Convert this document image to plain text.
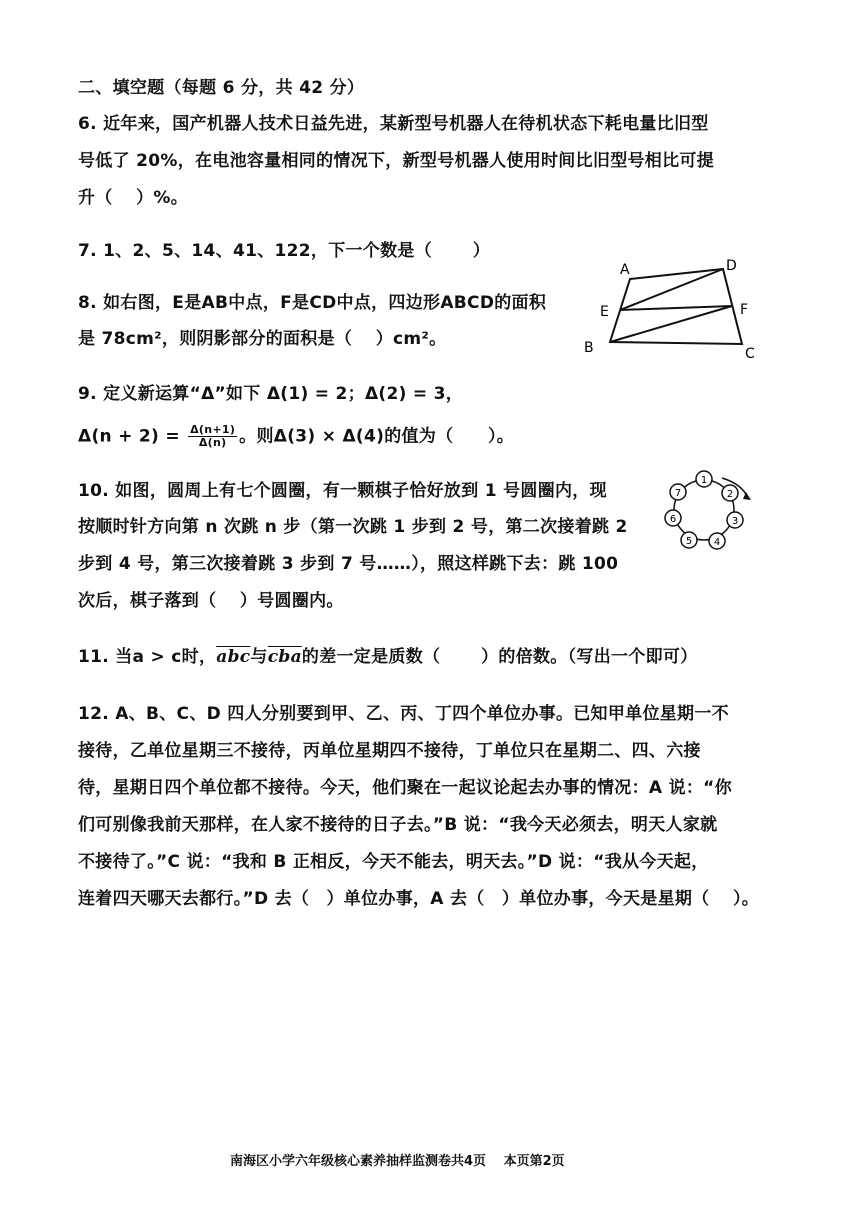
二、填空题（每题 6 分，共 42 分）
6. 近年来，国产机器人技术日益先进，某新型号机器人在待机状态下耗电量比旧型
号低了 20%，在电池容量相同的情况下，新型号机器人使用时间比旧型号相比可提
升（　 ）%。
7. 1、2、5、14、41、122，下一个数是（　　 ）
8. 如右图，E是AB中点，F是CD中点，四边形ABCD的面积
是 78cm²，则阴影部分的面积是（　 ）cm²。
A	D
E	F
B	C
9. 定义新运算“Δ”如下 Δ(1) = 2；Δ(2) = 3，
$\Delta(n + 2) = \frac{\Delta(n+1)}{\Delta(n)}$ 。则Δ(3) × Δ(4)的值为（　　）。
10. 如图，圆周上有七个圆圈，有一颗棋子恰好放到 1 号圆圈内，现
按顺时针方向第 n 次跳 n 步（第一次跳 1 步到 2 号，第二次接着跳 2
步到 4 号，第三次接着跳 3 步到 7 号……），照这样跳下去：跳 100
次后，棋子落到（　 ）号圆圈内。
1
2
3
4
5
6
7
11. 当a > c时，$\overline{abc}$与$\overline{cba}$的差一定是质数（　　 ）的倍数。（写出一个即可）
12. A、B、C、D 四人分别要到甲、乙、丙、丁四个单位办事。已知甲单位星期一不
接待，乙单位星期三不接待，丙单位星期四不接待，丁单位只在星期二、四、六接
待，星期日四个单位都不接待。今天，他们聚在一起议论起去办事的情况：A 说：“你
们可别像我前天那样，在人家不接待的日子去。”B 说：“我今天必须去，明天人家就
不接待了。”C 说：“我和 B 正相反，今天不能去，明天去。”D 说：“我从今天起，
连着四天哪天去都行。”D 去（　）单位办事，A 去（　）单位办事，今天是星期（　 ）。
南海区小学六年级核心素养抽样监测卷共4页　 本页第2页
